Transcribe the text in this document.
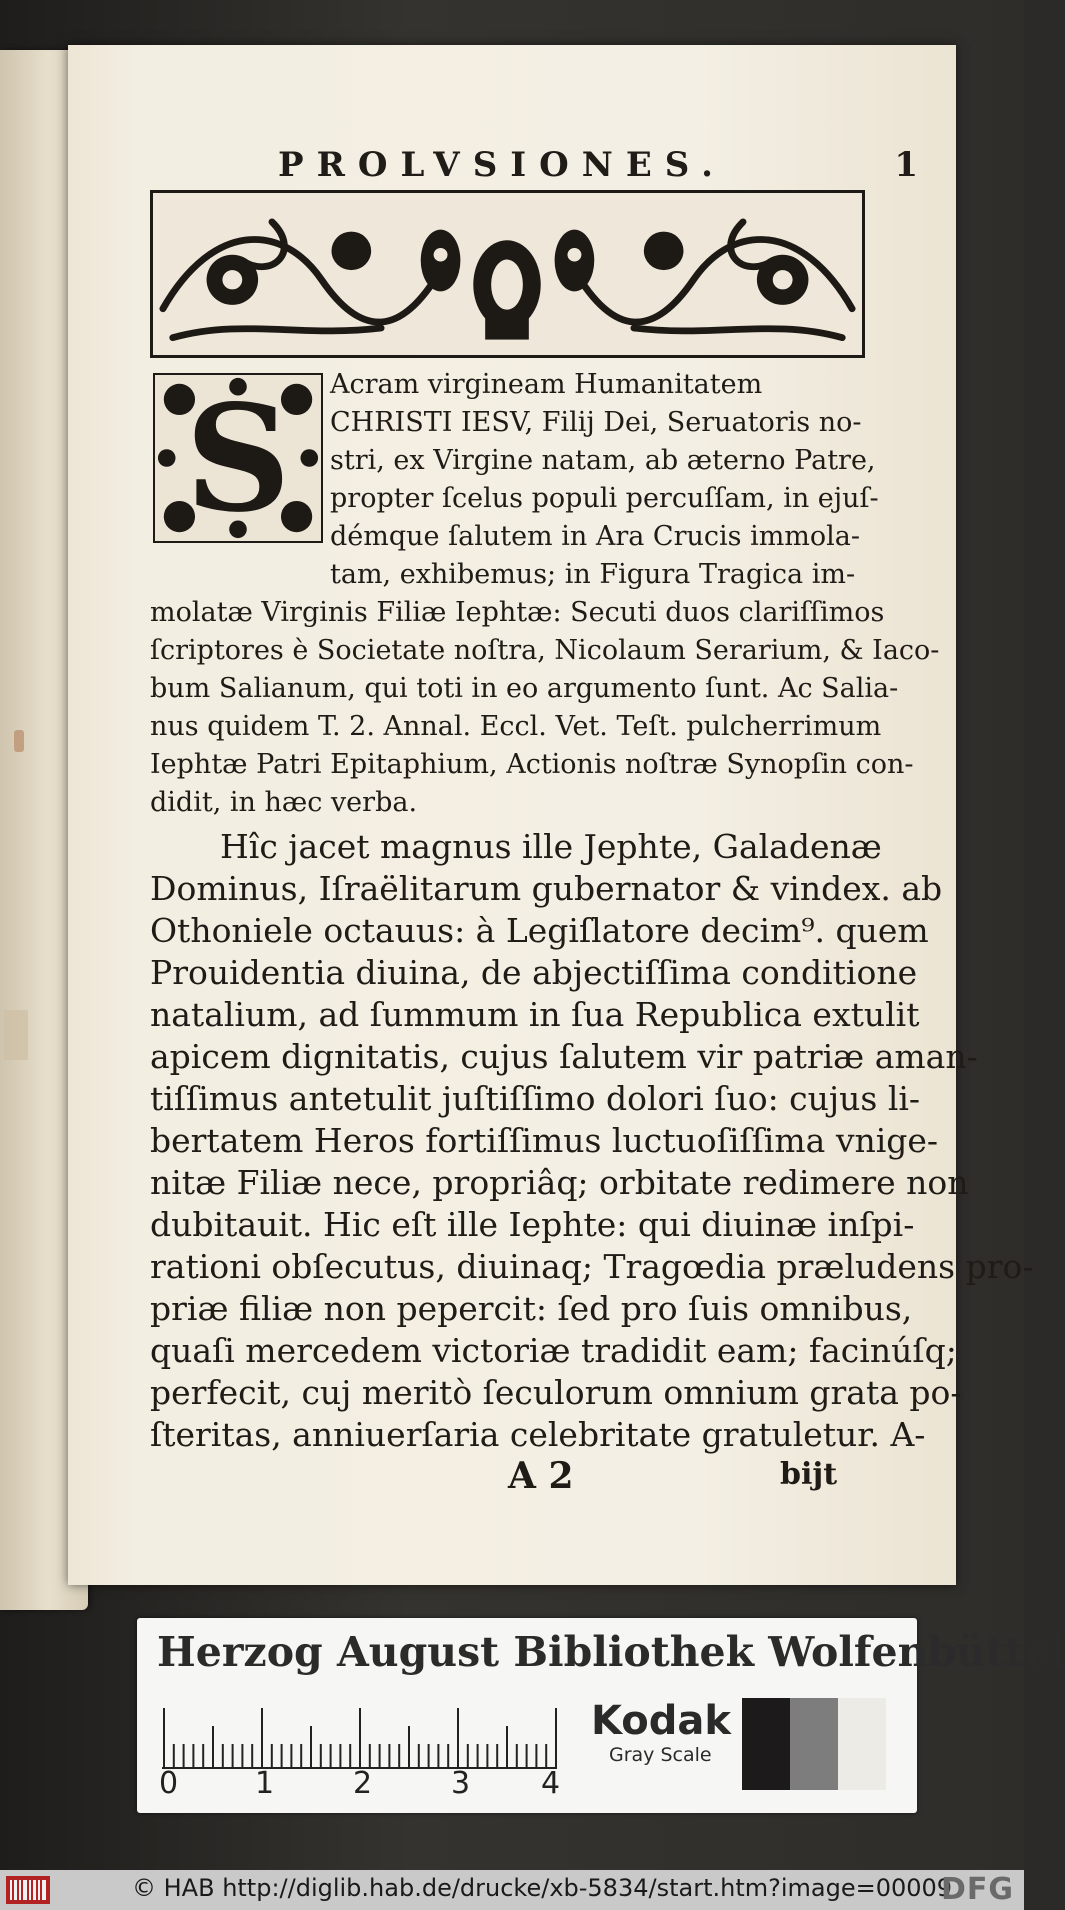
PROLVSIONES.	1
S Acram virgineam Humanitatem
CHRISTI IESV, Filij Dei, Seruatoris no-
stri, ex Virgine natam, ab æterno Patre,
propter ſcelus populi percuſſam, in ejuſ-
démque ſalutem in Ara Crucis immola-
tam, exhibemus; in Figura Tragica im-
molatæ Virginis Filiæ Iephtæ: Secuti duos clariſſimos
ſcriptores è Societate noſtra, Nicolaum Serarium, & Iaco-
bum Salianum, qui toti in eo argumento ſunt. Ac Saliа-
nus quidem T. 2. Annal. Eccl. Vet. Teſt. pulcherrimum
Iephtæ Patri Epitaphium, Actionis noſtræ Synopſin con-
didit, in hæc verba.
Hîc jacet magnus ille Jephte, Galadenæ
Dominus, Iſraëlitarum gubernator & vindex. ab
Othoniele octauus: à Legiſlatore decim⁹. quem
Prouidentia diuina, de abjectiſſima conditione
natalium, ad ſummum in ſua Republica extulit
apicem dignitatis, cujus ſalutem vir patriæ aman-
tiſſimus antetulit juſtiſſimo dolori ſuo: cujus li-
bertatem Heros fortiſſimus luctuoſiſſima vnige-
nitæ Filiæ nece, propriâq; orbitate redimere non
dubitauit. Hic eſt ille Iephte: qui diuinæ inſpi-
rationi obſecutus, diuinaq; Tragœdia præludens pro-
priæ filiæ non pepercit: ſed pro ſuis omnibus,
quaſi mercedem victoriæ tradidit eam; facinúſq;
perfecit, cuj meritò ſeculorum omnium grata po-
ſteritas, anniuerſaria celebritate gratuletur. A-
A 2	bijt
Herzog August Bibliothek Wolfenbüttel
0	1	2	3 4
Kodak
Gray Scale
© HAB http://diglib.hab.de/drucke/xb-5834/start.htm?image=00009
DFG
